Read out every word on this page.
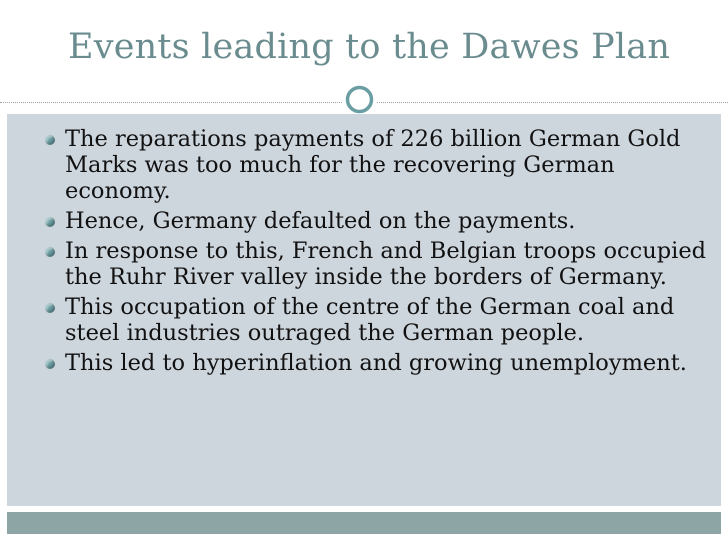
Events leading to the Dawes Plan
The reparations payments of 226 billion German Gold Marks was too much for the recovering German economy.
Hence, Germany defaulted on the payments.
In response to this, French and Belgian troops occupied the Ruhr River valley inside the borders of Germany.
This occupation of the centre of the German coal and steel industries outraged the German people.
This led to hyperinflation and growing unemployment.
